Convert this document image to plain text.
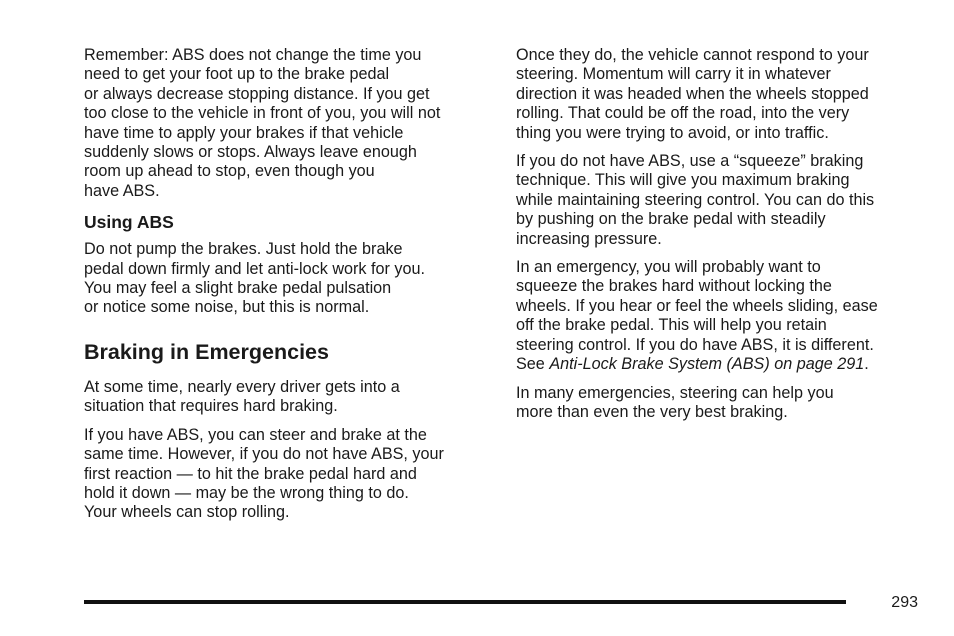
Remember: ABS does not change the time you
need to get your foot up to the brake pedal
or always decrease stopping distance. If you get
too close to the vehicle in front of you, you will not
have time to apply your brakes if that vehicle
suddenly slows or stops. Always leave enough
room up ahead to stop, even though you
have ABS.

Using ABS

Do not pump the brakes. Just hold the brake
pedal down firmly and let anti-lock work for you.
You may feel a slight brake pedal pulsation
or notice some noise, but this is normal.

Braking in Emergencies

At some time, nearly every driver gets into a
situation that requires hard braking.

If you have ABS, you can steer and brake at the
same time. However, if you do not have ABS, your
first reaction — to hit the brake pedal hard and
hold it down — may be the wrong thing to do.
Your wheels can stop rolling.

Once they do, the vehicle cannot respond to your
steering. Momentum will carry it in whatever
direction it was headed when the wheels stopped
rolling. That could be off the road, into the very
thing you were trying to avoid, or into traffic.

If you do not have ABS, use a “squeeze” braking
technique. This will give you maximum braking
while maintaining steering control. You can do this
by pushing on the brake pedal with steadily
increasing pressure.

In an emergency, you will probably want to
squeeze the brakes hard without locking the
wheels. If you hear or feel the wheels sliding, ease
off the brake pedal. This will help you retain
steering control. If you do have ABS, it is different.
See Anti-Lock Brake System (ABS) on page 291.

In many emergencies, steering can help you
more than even the very best braking.

293
